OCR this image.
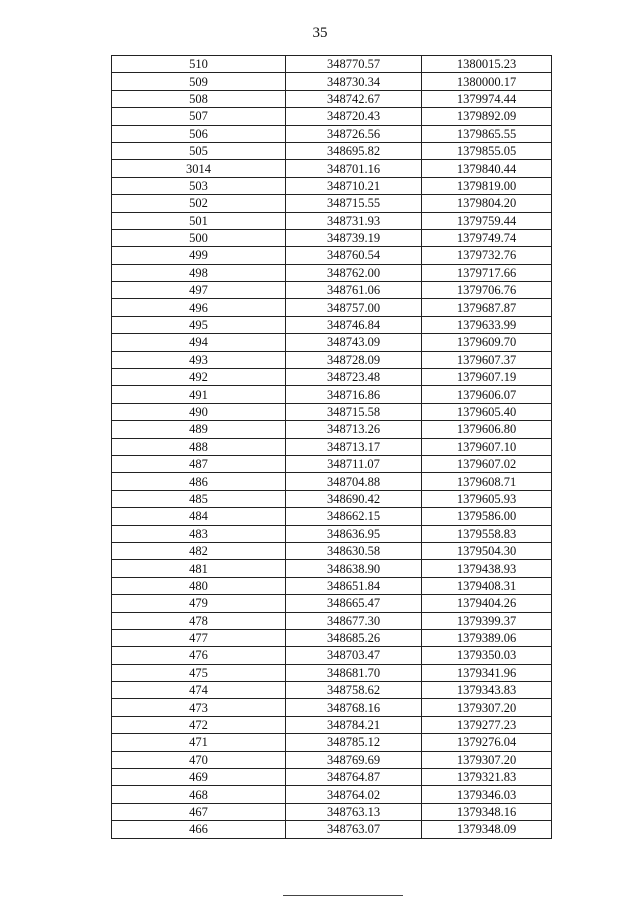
35
510	348770.57	1380015.23
509	348730.34	1380000.17
508	348742.67	1379974.44
507	348720.43	1379892.09
506	348726.56	1379865.55
505	348695.82	1379855.05
3014	348701.16	1379840.44
503	348710.21	1379819.00
502	348715.55	1379804.20
501	348731.93	1379759.44
500	348739.19	1379749.74
499	348760.54	1379732.76
498	348762.00	1379717.66
497	348761.06	1379706.76
496	348757.00	1379687.87
495	348746.84	1379633.99
494	348743.09	1379609.70
493	348728.09	1379607.37
492	348723.48	1379607.19
491	348716.86	1379606.07
490	348715.58	1379605.40
489	348713.26	1379606.80
488	348713.17	1379607.10
487	348711.07	1379607.02
486	348704.88	1379608.71
485	348690.42	1379605.93
484	348662.15	1379586.00
483	348636.95	1379558.83
482	348630.58	1379504.30
481	348638.90	1379438.93
480	348651.84	1379408.31
479	348665.47	1379404.26
478	348677.30	1379399.37
477	348685.26	1379389.06
476	348703.47	1379350.03
475	348681.70	1379341.96
474	348758.62	1379343.83
473	348768.16	1379307.20
472	348784.21	1379277.23
471	348785.12	1379276.04
470	348769.69	1379307.20
469	348764.87	1379321.83
468	348764.02	1379346.03
467	348763.13	1379348.16
466	348763.07	1379348.09
